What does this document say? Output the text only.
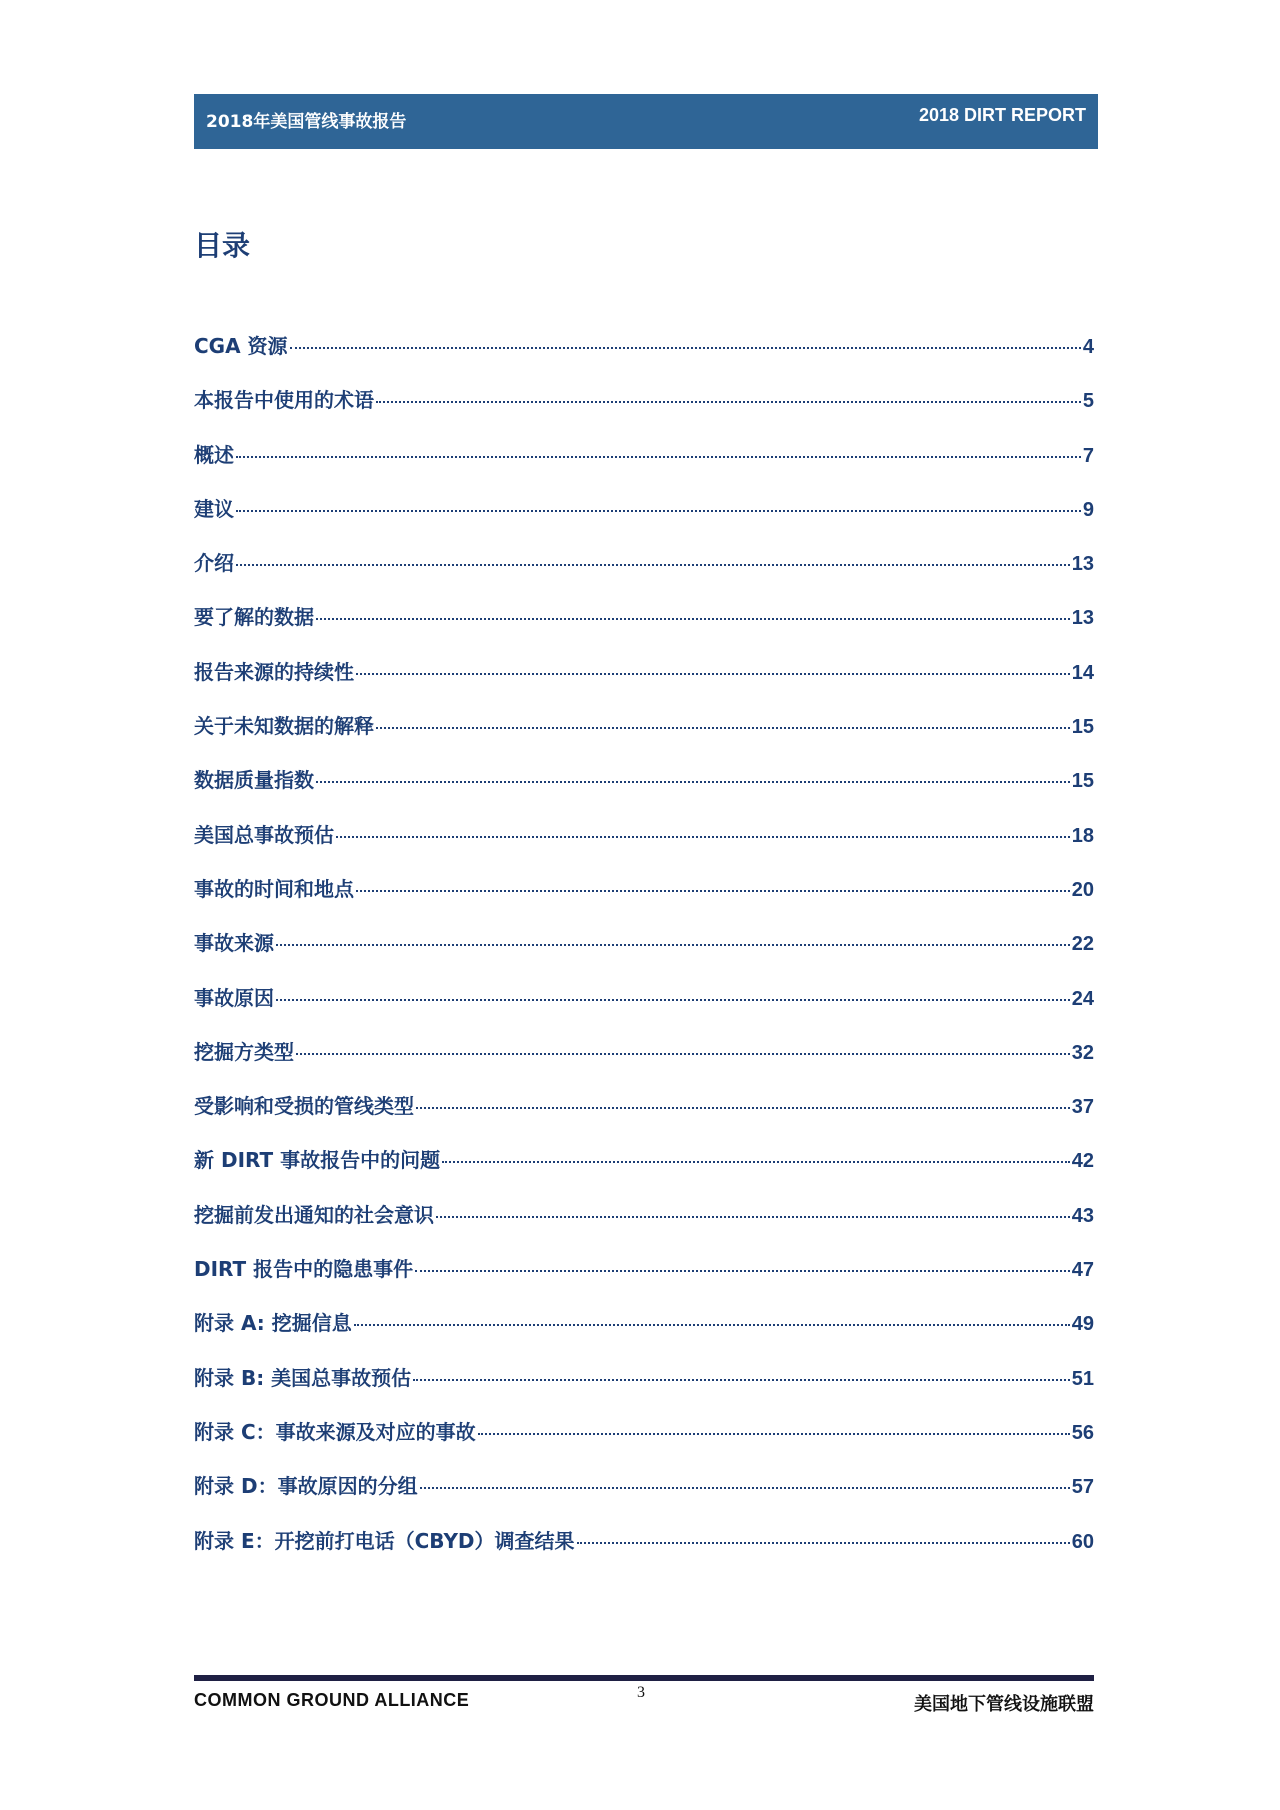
2018年美国管线事故报告	2018 DIRT REPORT
目录
CGA 资源	4
本报告中使用的术语	5
概述	7
建议	9
介绍	13
要了解的数据	13
报告来源的持续性	14
关于未知数据的解释	15
数据质量指数	15
美国总事故预估	18
事故的时间和地点	20
事故来源	22
事故原因	24
挖掘方类型	32
受影响和受损的管线类型	37
新 DIRT 事故报告中的问题	42
挖掘前发出通知的社会意识	43
DIRT 报告中的隐患事件	47
附录 A: 挖掘信息	49
附录 B: 美国总事故预估	51
附录 C：事故来源及对应的事故	56
附录 D：事故原因的分组	57
附录 E：开挖前打电话（CBYD）调查结果	60
COMMON GROUND ALLIANCE	3
美国地下管线设施联盟
